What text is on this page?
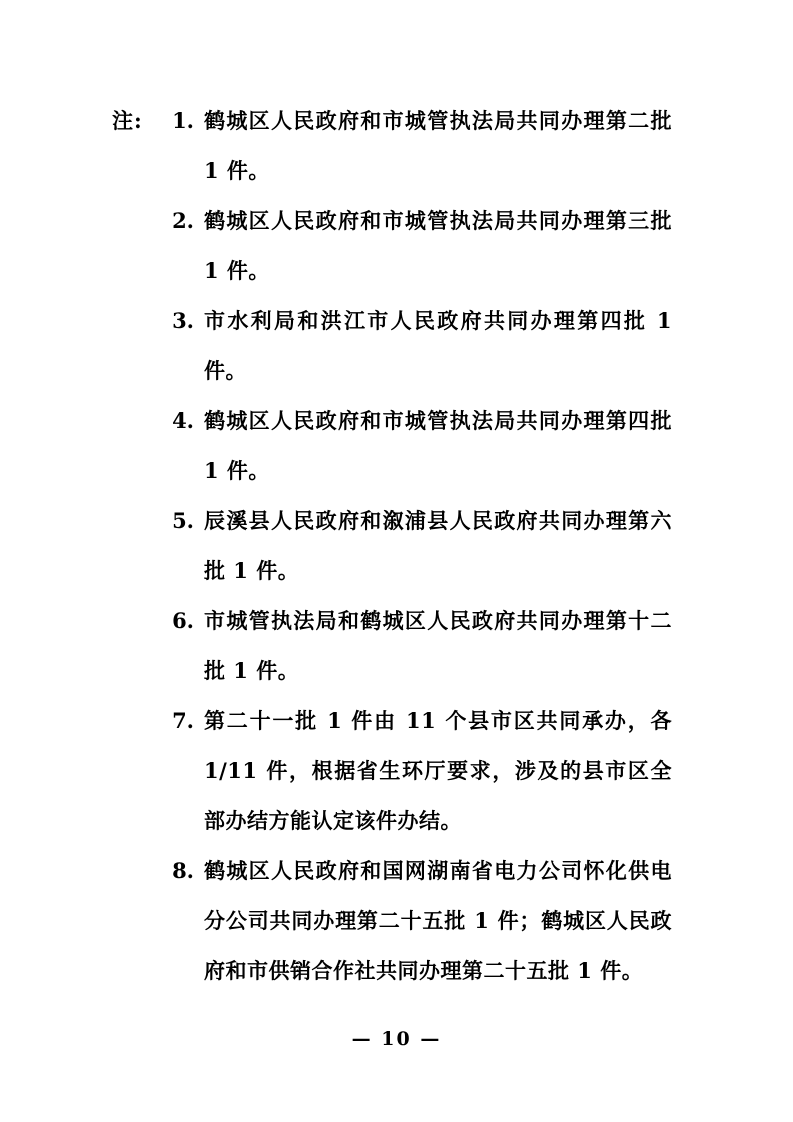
注:	1. 鹤城区人民政府和市城管执法局共同办理第二批 1 件。
2. 鹤城区人民政府和市城管执法局共同办理第三批 1 件。
3. 市水利局和洪江市人民政府共同办理第四批 1 件。
4. 鹤城区人民政府和市城管执法局共同办理第四批 1 件。
5. 辰溪县人民政府和溆浦县人民政府共同办理第六批 1 件。
6. 市城管执法局和鹤城区人民政府共同办理第十二批 1 件。
7. 第二十一批 1 件由 11 个县市区共同承办，各 1/11 件，根据省生环厅要求，涉及的县市区全部办结方能认定该件办结。
8. 鹤城区人民政府和国网湖南省电力公司怀化供电分公司共同办理第二十五批 1 件；鹤城区人民政府和市供销合作社共同办理第二十五批 1 件。
— 10 —
